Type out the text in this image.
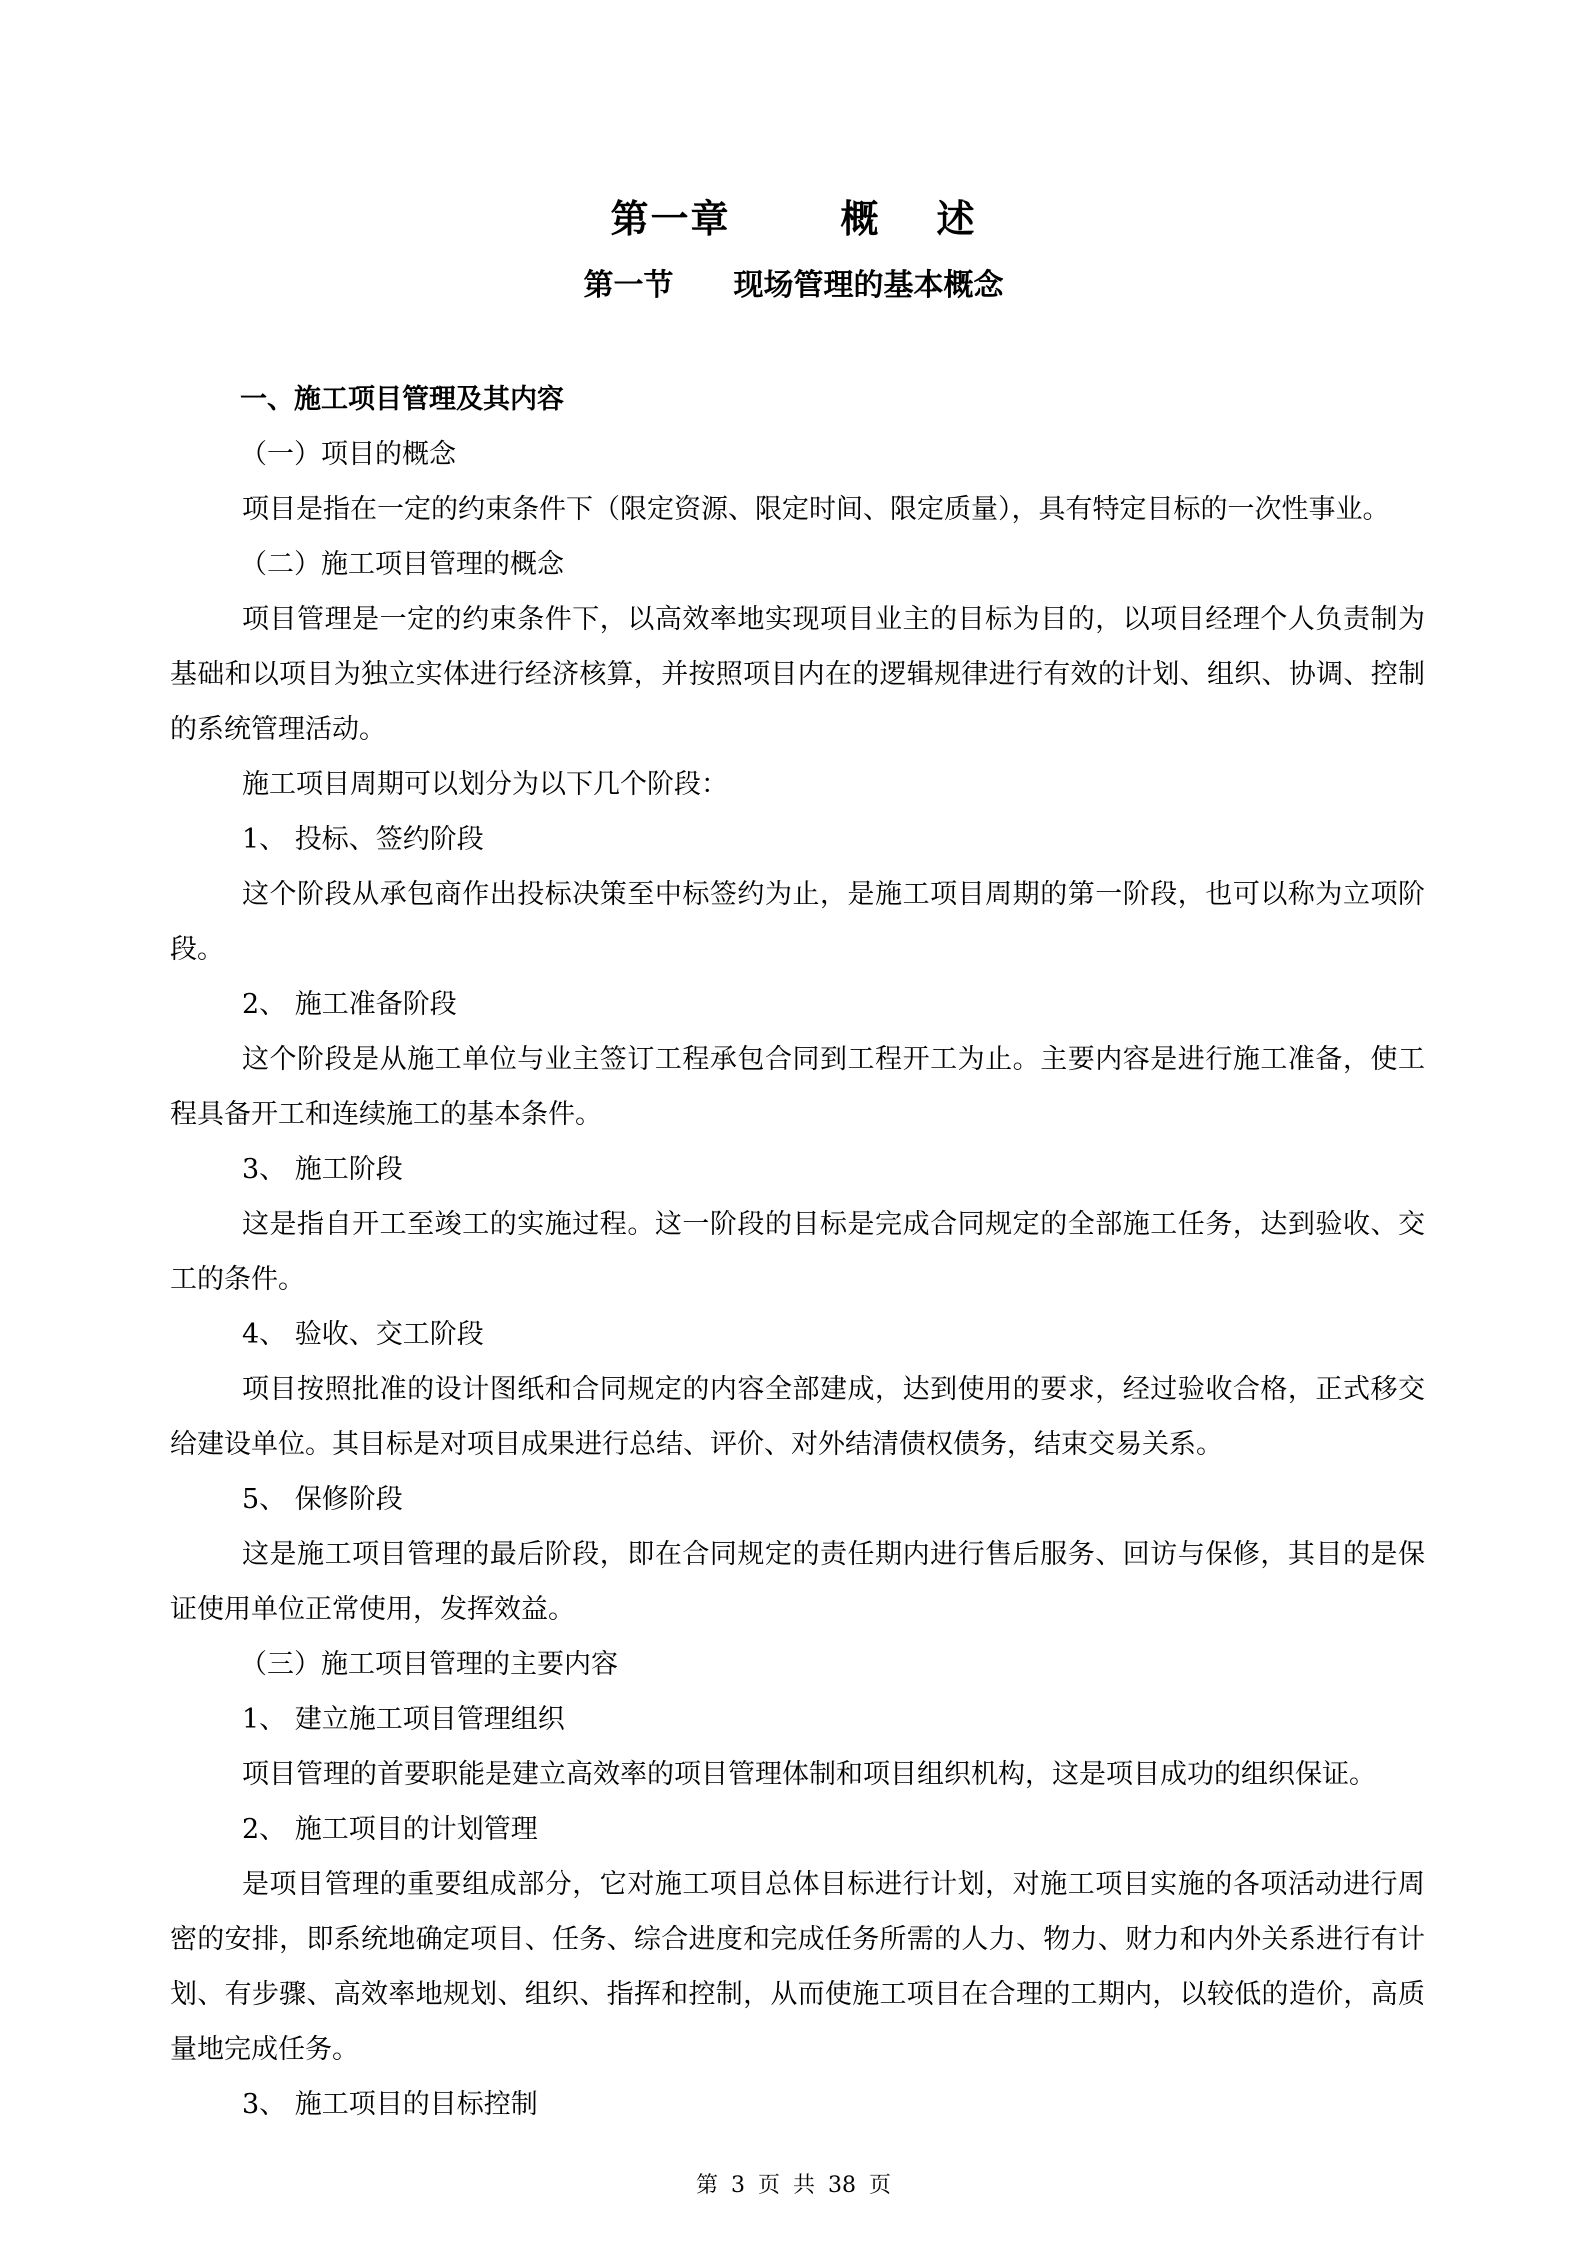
第一章	概 述
第一节 现场管理的基本概念

一、施工项目管理及其内容

（一）项目的概念

项目是指在一定的约束条件下（限定资源、限定时间、限定质量），具有特定目标的一次性事业。

（二）施工项目管理的概念

项目管理是一定的约束条件下，以高效率地实现项目业主的目标为目的，以项目经理个人负责制为基础和以项目为独立实体进行经济核算，并按照项目内在的逻辑规律进行有效的计划、组织、协调、控制的系统管理活动。

施工项目周期可以划分为以下几个阶段：

1、 投标、签约阶段

这个阶段从承包商作出投标决策至中标签约为止，是施工项目周期的第一阶段，也可以称为立项阶段。

2、 施工准备阶段

这个阶段是从施工单位与业主签订工程承包合同到工程开工为止。主要内容是进行施工准备，使工程具备开工和连续施工的基本条件。

3、 施工阶段

这是指自开工至竣工的实施过程。这一阶段的目标是完成合同规定的全部施工任务，达到验收、交工的条件。

4、 验收、交工阶段

项目按照批准的设计图纸和合同规定的内容全部建成，达到使用的要求，经过验收合格，正式移交给建设单位。其目标是对项目成果进行总结、评价、对外结清债权债务，结束交易关系。

5、 保修阶段

这是施工项目管理的最后阶段，即在合同规定的责任期内进行售后服务、回访与保修，其目的是保证使用单位正常使用，发挥效益。

（三）施工项目管理的主要内容

1、 建立施工项目管理组织

项目管理的首要职能是建立高效率的项目管理体制和项目组织机构，这是项目成功的组织保证。

2、 施工项目的计划管理

是项目管理的重要组成部分，它对施工项目总体目标进行计划，对施工项目实施的各项活动进行周密的安排，即系统地确定项目、任务、综合进度和完成任务所需的人力、物力、财力和内外关系进行有计划、有步骤、高效率地规划、组织、指挥和控制，从而使施工项目在合理的工期内，以较低的造价，高质量地完成任务。

3、 施工项目的目标控制

第 3 页 共 38 页
